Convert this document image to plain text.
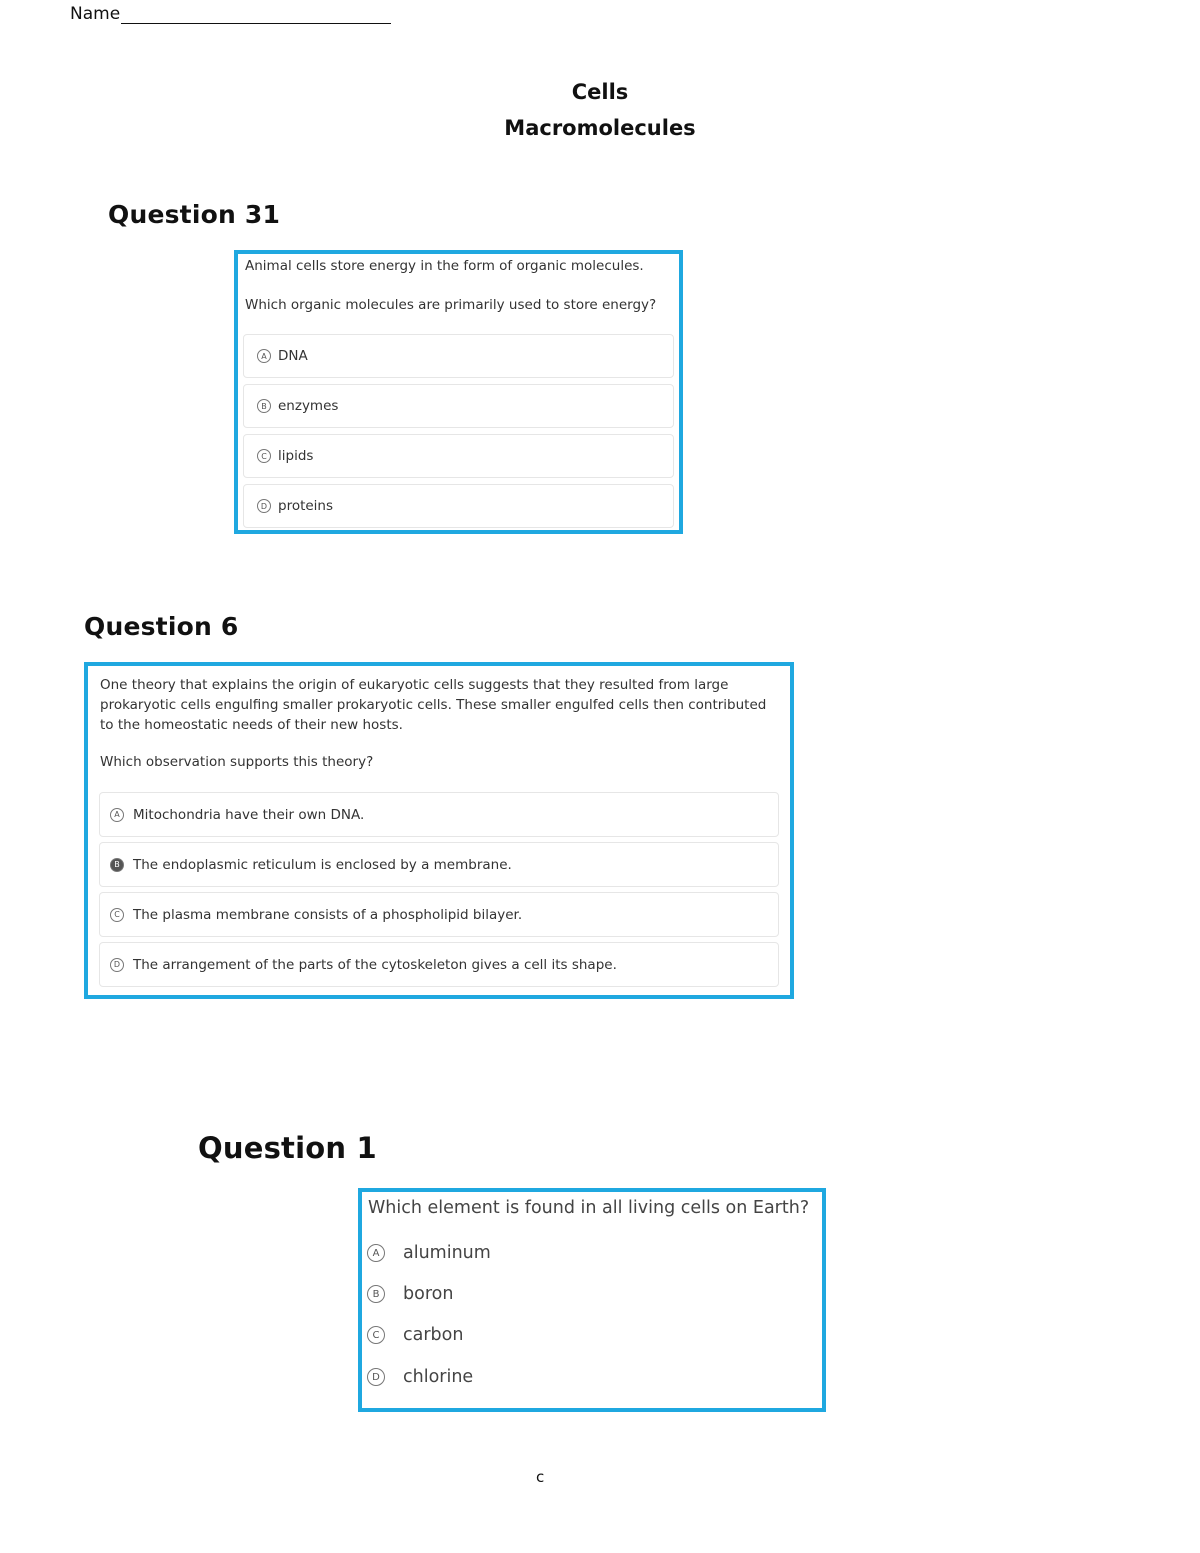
Name
Cells
Macromolecules
Question 31
Animal cells store energy in the form of organic molecules.
Which organic molecules are primarily used to store energy?
A DNA
B enzymes
C lipids
D proteins
Question 6
One theory that explains the origin of eukaryotic cells suggests that they resulted from large prokaryotic cells engulfing smaller prokaryotic cells. These smaller engulfed cells then contributed to the homeostatic needs of their new hosts.
Which observation supports this theory?
A Mitochondria have their own DNA.
B The endoplasmic reticulum is enclosed by a membrane.
C The plasma membrane consists of a phospholipid bilayer.
D The arrangement of the parts of the cytoskeleton gives a cell its shape.
Question 1
Which element is found in all living cells on Earth?
A	aluminum
B	boron
C	carbon
D chlorine
c
